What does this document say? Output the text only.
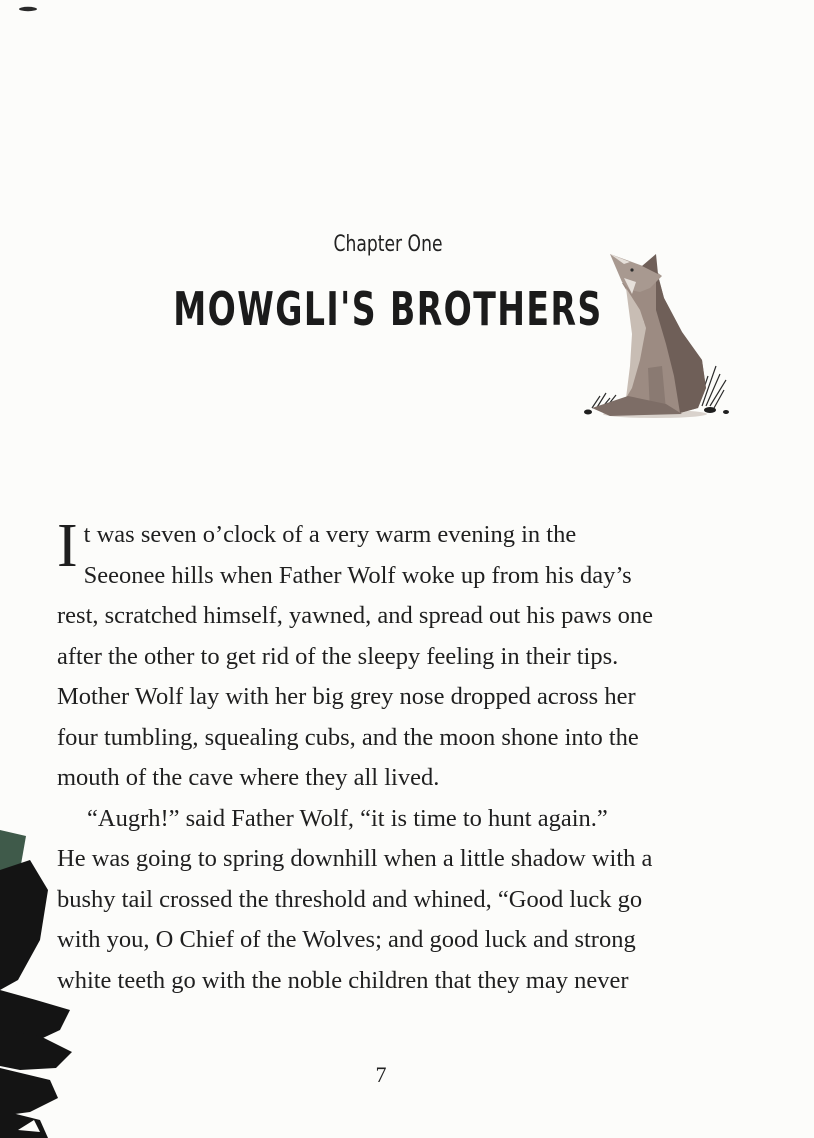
Chapter One
MOWGLI'S BROTHERS
I t was seven o’clock of a very warm evening in the
Seeonee hills when Father Wolf woke up from his day’s
rest, scratched himself, yawned, and spread out his paws one
after the other to get rid of the sleepy feeling in their tips.
Mother Wolf lay with her big grey nose dropped across her
four tumbling, squealing cubs, and the moon shone into the
mouth of the cave where they all lived.
“Augrh!” said Father Wolf, “it is time to hunt again.”
He was going to spring downhill when a little shadow with a
bushy tail crossed the threshold and whined, “Good luck go
with you, O Chief of the Wolves; and good luck and strong
white teeth go with the noble children that they may never
7
